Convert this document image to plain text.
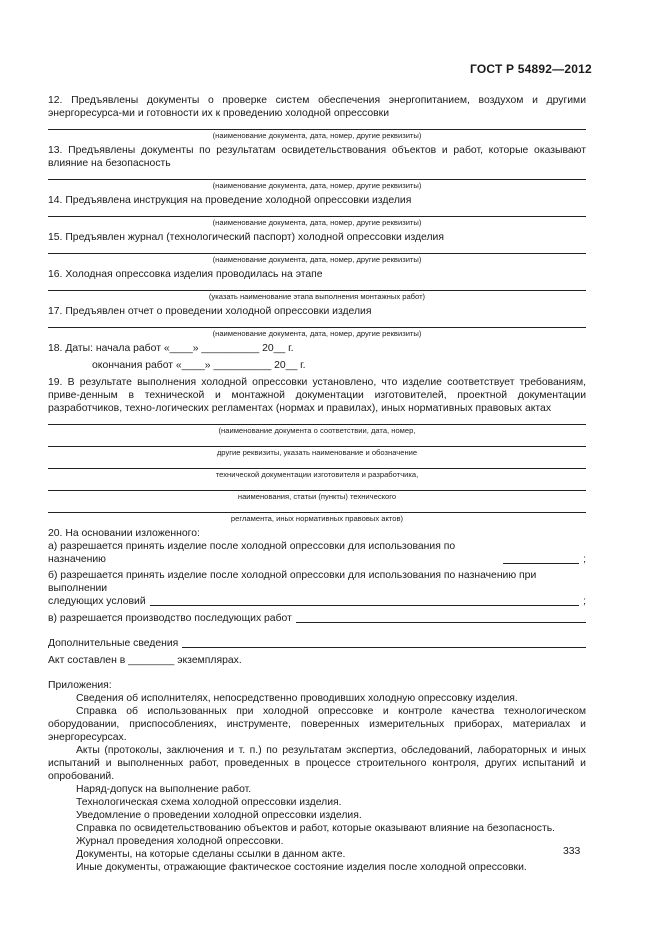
ГОСТ Р 54892—2012

12. Предъявлены документы о проверке систем обеспечения энергопитанием, воздухом и другими энергоресурса-ми и готовности их к проведению холодной опрессовки

(наименование документа, дата, номер, другие реквизиты)

13. Предъявлены документы по результатам освидетельствования объектов и работ, которые оказывают влияние на безопасность

(наименование документа, дата, номер, другие реквизиты)

14. Предъявлена инструкция на проведение холодной опрессовки изделия

(наименование документа, дата, номер, другие реквизиты)

15. Предъявлен журнал (технологический паспорт) холодной опрессовки изделия

(наименование документа, дата, номер, другие реквизиты)

16. Холодная опрессовка изделия проводилась на этапе

(указать наименование этапа выполнения монтажных работ)

17. Предъявлен отчет о проведении холодной опрессовки изделия

(наименование документа, дата, номер, другие реквизиты)

18. Даты: начала работ «____» __________ 20__ г.

окончания работ «____» __________ 20__ г.

19. В результате выполнения холодной опрессовки установлено, что изделие соответствует требованиям, приве-денным в технической и монтажной документации изготовителей, проектной документации разработчиков, техно-логических регламентах (нормах и правилах), иных нормативных правовых актах

(наименование документа о соответствии, дата, номер,
другие реквизиты, указать наименование и обозначение
технической документации изготовителя и разработчика,
наименования, статьи (пункты) технического
регламента, иных нормативных правовых актов)

20. На основании изложенного:

а) разрешается принять изделие после холодной опрессовки для использования по назначению	;

б) разрешается принять изделие после холодной опрессовки для использования по назначению при выполнении

следующих условий	;
в) разрешается производство последующих работ
Дополнительные сведения

Акт составлен в ________ экземплярах.

Приложения:

Сведения об исполнителях, непосредственно проводивших холодную опрессовку изделия.

Справка об использованных при холодной опрессовке и контроле качества технологическом оборудовании, приспособлениях, инструменте, поверенных измерительных приборах, материалах и энергоресурсах.

Акты (протоколы, заключения и т. п.) по результатам экспертиз, обследований, лабораторных и иных испытаний и выполненных работ, проведенных в процессе строительного контроля, других испытаний и опробований.

Наряд-допуск на выполнение работ.

Технологическая схема холодной опрессовки изделия.

Уведомление о проведении холодной опрессовки изделия.

Справка по освидетельствованию объектов и работ, которые оказывают влияние на безопасность.

Журнал проведения холодной опрессовки.

Документы, на которые сделаны ссылки в данном акте.

Иные документы, отражающие фактическое состояние изделия после холодной опрессовки.

333
